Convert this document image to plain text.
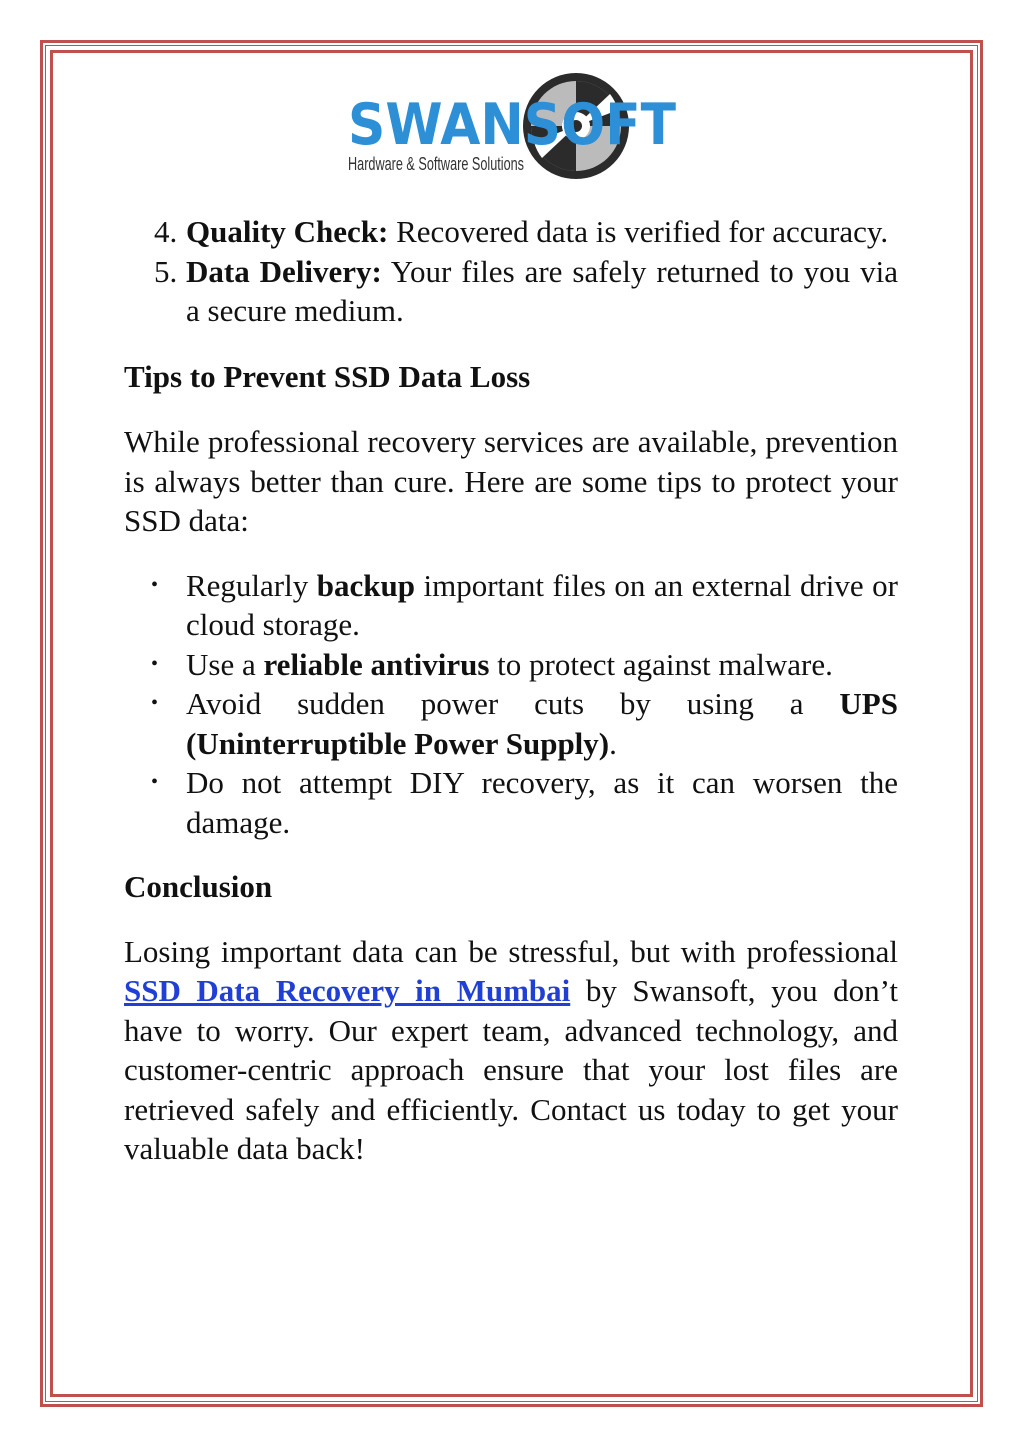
SWANSOFT
Hardware & Software Solutions
4. Quality Check: Recovered data is verified for accuracy.
5. Data Delivery: Your files are safely returned to you via a secure medium.
Tips to Prevent SSD Data Loss

While professional recovery services are available, prevention is always better than cure. Here are some tips to protect your SSD data:

• Regularly backup important files on an external drive or cloud storage.
• Use a reliable antivirus to protect against malware.
• Avoid sudden power cuts by using a UPS (Uninterruptible Power Supply).
• Do not attempt DIY recovery, as it can worsen the damage.
Conclusion

Losing important data can be stressful, but with professional SSD Data Recovery in Mumbai by Swansoft, you don’t have to worry. Our expert team, advanced technology, and customer-centric approach ensure that your lost files are retrieved safely and efficiently. Contact us today to get your valuable data back!
